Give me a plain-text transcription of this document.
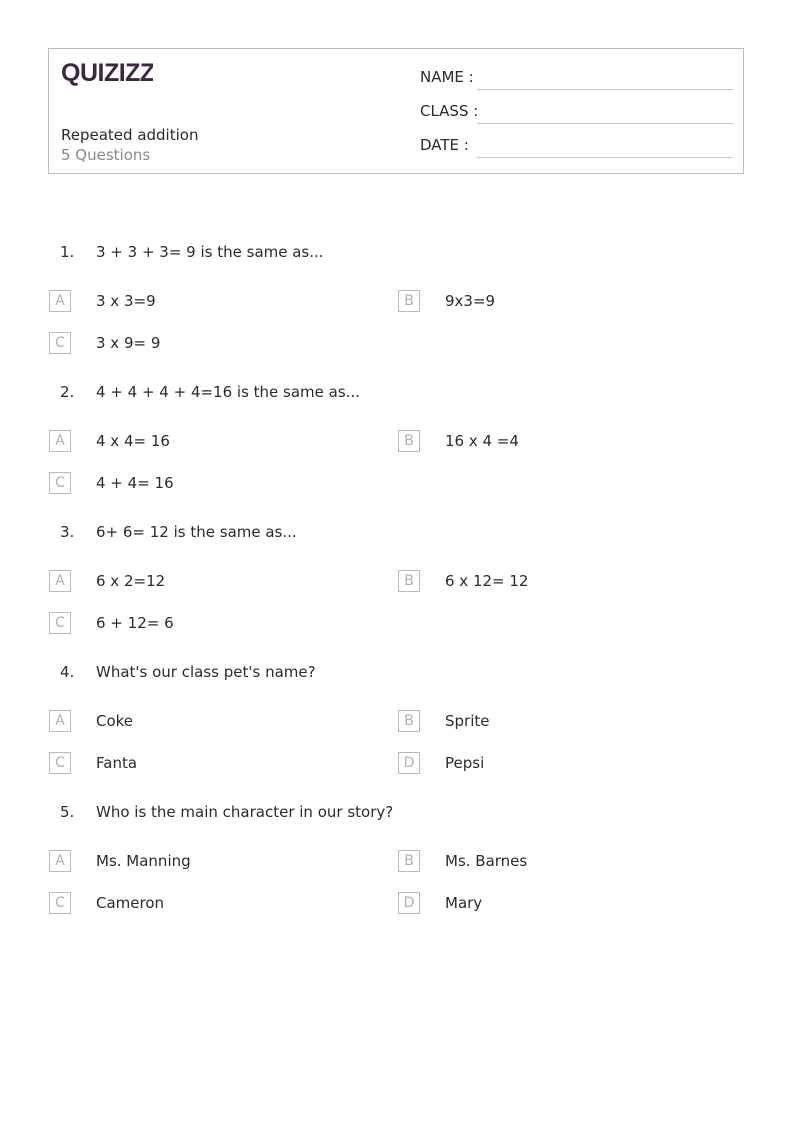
QUIZIZZ
Repeated addition
5 Questions
NAME :
CLASS :
DATE :
1. 3 + 3 + 3= 9 is the same as...
A	3 x 3=9	B	9x3=9
C	3 x 9= 9
2. 4 + 4 + 4 + 4=16 is the same as...
A	4 x 4= 16	B	16 x 4 =4
C	4 + 4= 16
3. 6+ 6= 12 is the same as...
A	6 x 2=12	B	6 x 12= 12
C	6 + 12= 6
4. What's our class pet's name?
A	Coke	B	Sprite
C	Fanta	D	Pepsi
5. Who is the main character in our story?
A	Ms. Manning	B	Ms. Barnes
C	Cameron	D	Mary
